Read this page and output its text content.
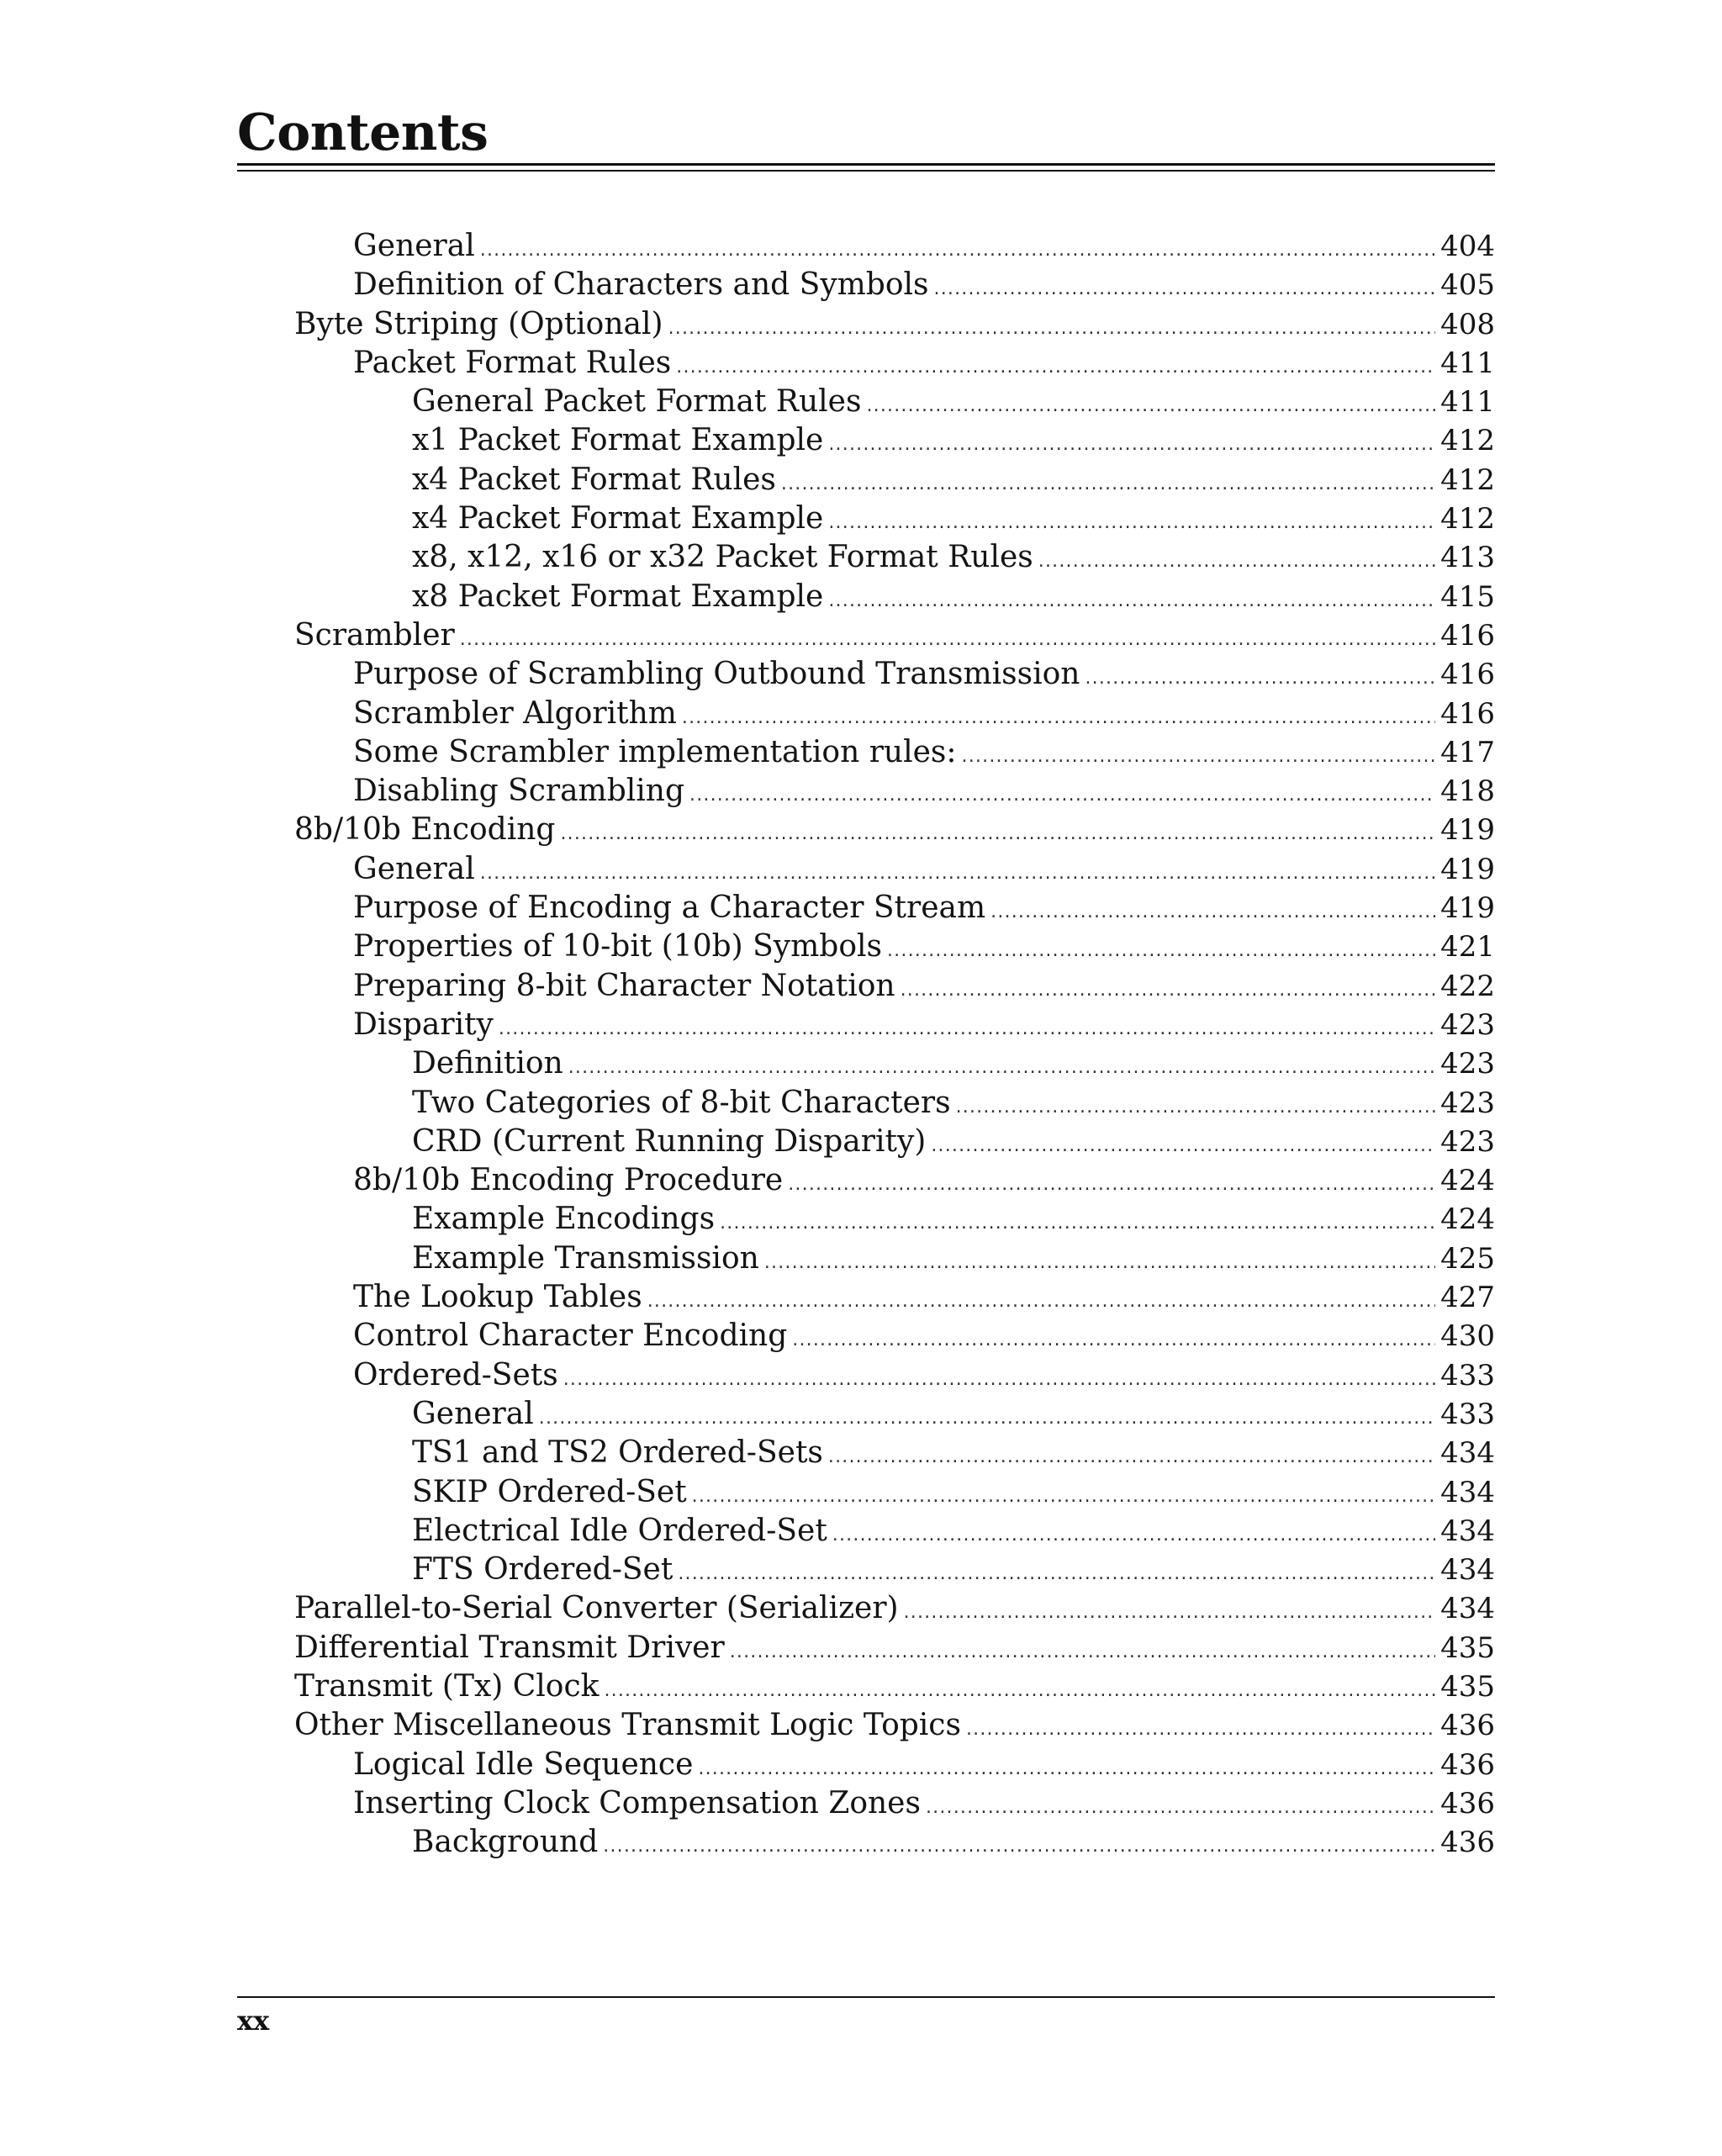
Contents
General .....	404
Definition of Characters and Symbols .....	405
Byte Striping (Optional) .....	408
Packet Format Rules .....	411
General Packet Format Rules .....	411
x1 Packet Format Example .....	412
x4 Packet Format Rules .....	412
x4 Packet Format Example .....	412
x8, x12, x16 or x32 Packet Format Rules .....	413
x8 Packet Format Example .....	415
Scrambler .....	416
Purpose of Scrambling Outbound Transmission .....	416
Scrambler Algorithm .....	416
Some Scrambler implementation rules: .....	417
Disabling Scrambling .....	418
8b/10b Encoding .....	419
General .....	419
Purpose of Encoding a Character Stream .....	419
Properties of 10-bit (10b) Symbols .....	421
Preparing 8-bit Character Notation .....	422
Disparity .....	423
Definition .....	423
Two Categories of 8-bit Characters .....	423
CRD (Current Running Disparity) .....	423
8b/10b Encoding Procedure .....	424
Example Encodings .....	424
Example Transmission .....	425
The Lookup Tables .....	427
Control Character Encoding .....	430
Ordered-Sets .....	433
General .....	433
TS1 and TS2 Ordered-Sets .....	434
SKIP Ordered-Set .....	434
Electrical Idle Ordered-Set .....	434
FTS Ordered-Set .....	434
Parallel-to-Serial Converter (Serializer) .....	434
Differential Transmit Driver .....	435
Transmit (Tx) Clock .....	435
Other Miscellaneous Transmit Logic Topics .....	436
Logical Idle Sequence .....	436
Inserting Clock Compensation Zones .....	436
Background .....	436
xx
